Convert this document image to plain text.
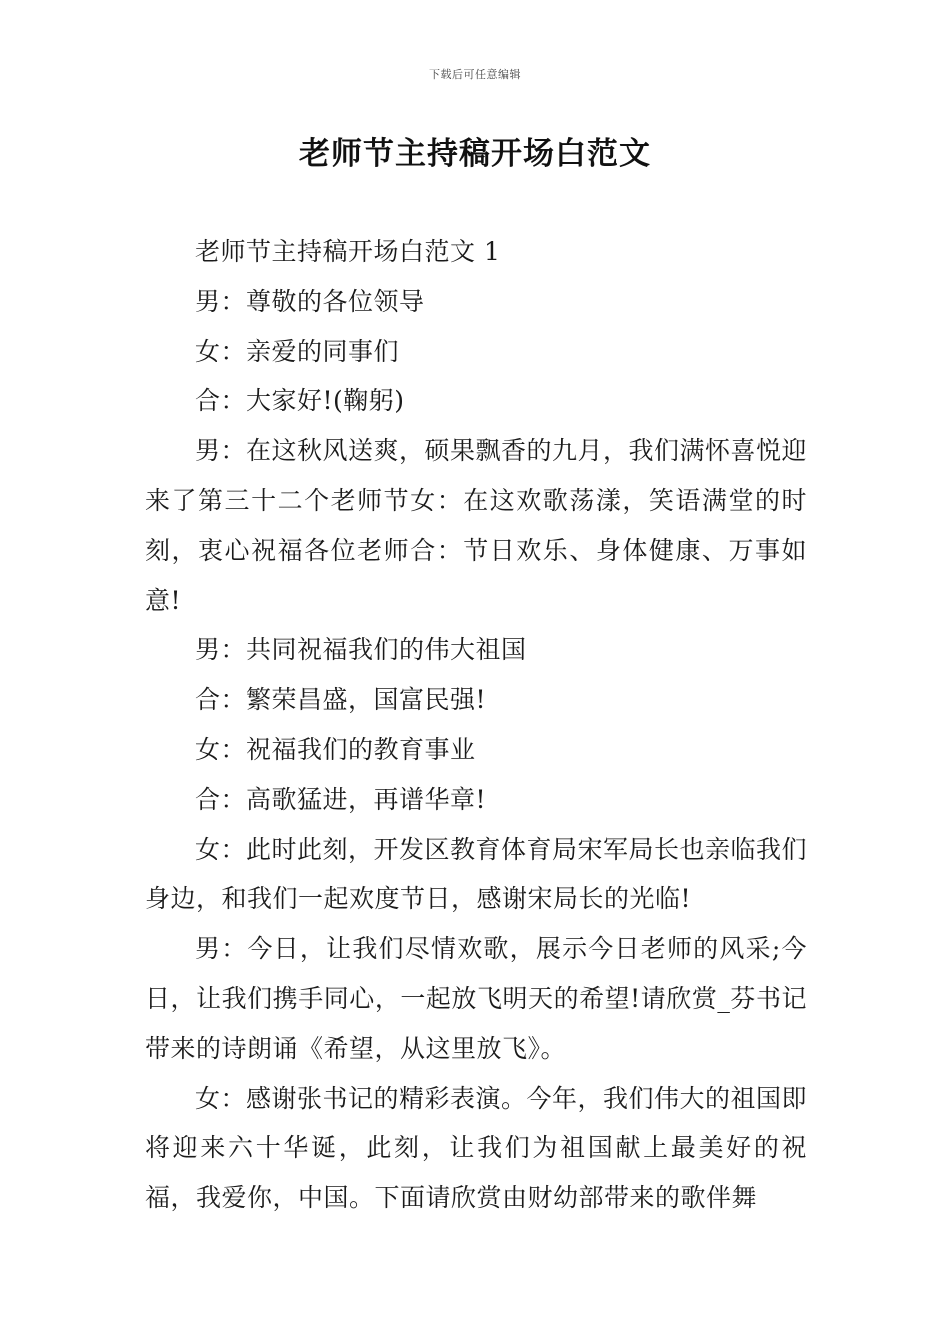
下载后可任意编辑
老师节主持稿开场白范文

老师节主持稿开场白范文 1

男：尊敬的各位领导

女：亲爱的同事们

合：大家好!(鞠躬)

男：在这秋风送爽，硕果飘香的九月，我们满怀喜悦迎来了第三十二个老师节女：在这欢歌荡漾，笑语满堂的时刻，衷心祝福各位老师合：节日欢乐、身体健康、万事如意!

男：共同祝福我们的伟大祖国

合：繁荣昌盛，国富民强!

女：祝福我们的教育事业

合：高歌猛进，再谱华章!

女：此时此刻，开发区教育体育局宋军局长也亲临我们身边，和我们一起欢度节日，感谢宋局长的光临!

男：今日，让我们尽情欢歌，展示今日老师的风采;今日，让我们携手同心，一起放飞明天的希望!请欣赏_芬书记带来的诗朗诵《希望，从这里放飞》。

女：感谢张书记的精彩表演。今年，我们伟大的祖国即将迎来六十华诞，此刻，让我们为祖国献上最美好的祝福，我爱你，中国。下面请欣赏由财幼部带来的歌伴舞
